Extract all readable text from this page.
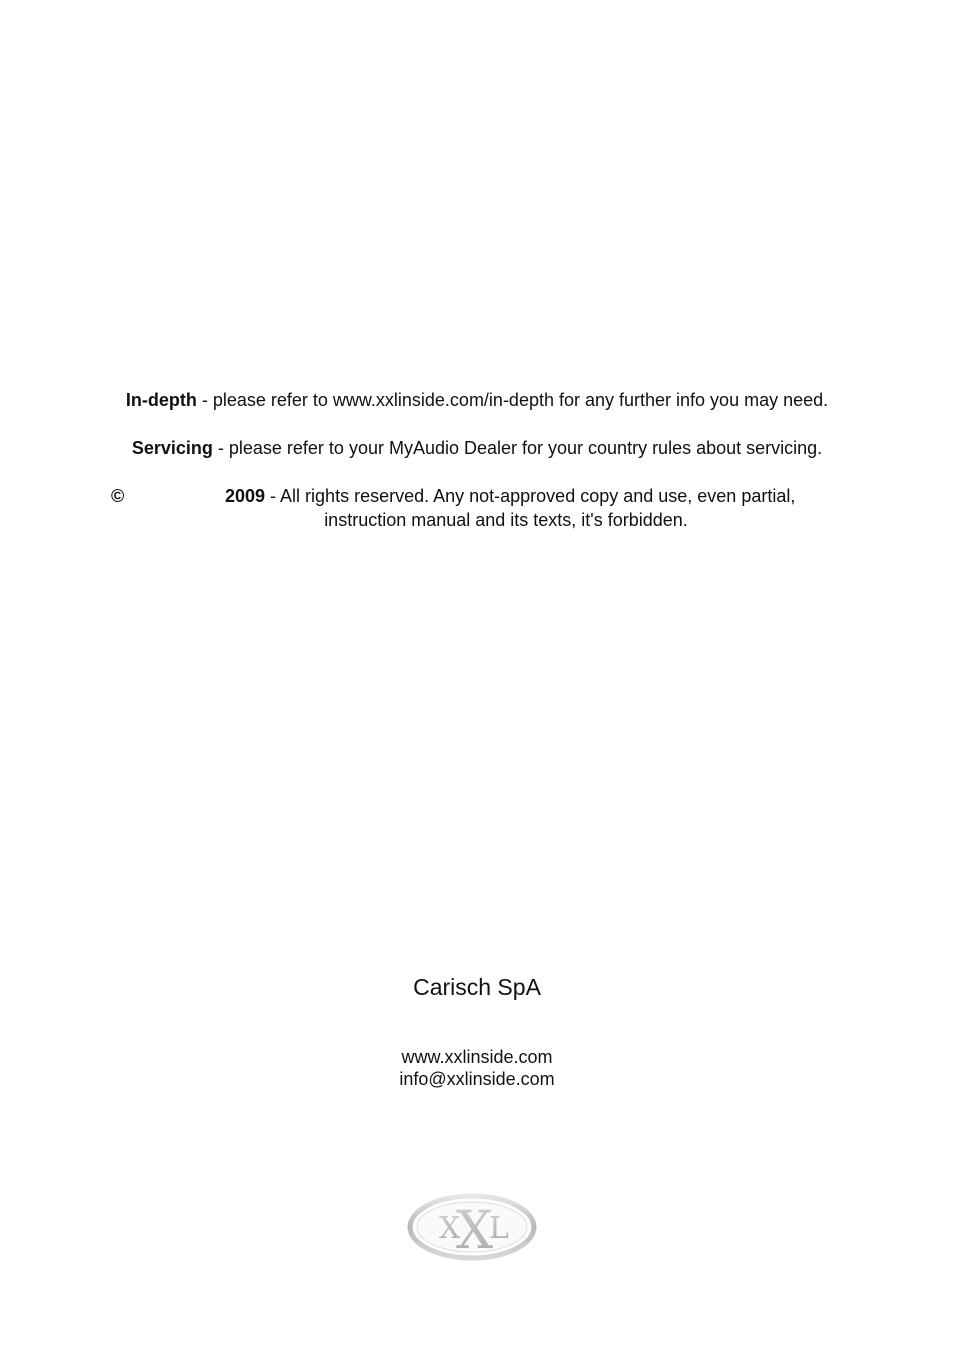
In-depth - please refer to www.xxlinside.com/in-depth for any further info you may need.
Servicing - please refer to your MyAudio Dealer for your country rules about servicing.
©	2009 - All rights reserved. Any not-approved copy and use, even partial,
instruction manual and its texts, it's forbidden.
Carisch SpA
www.xxlinside.com
info@xxlinside.com
X
X
L
